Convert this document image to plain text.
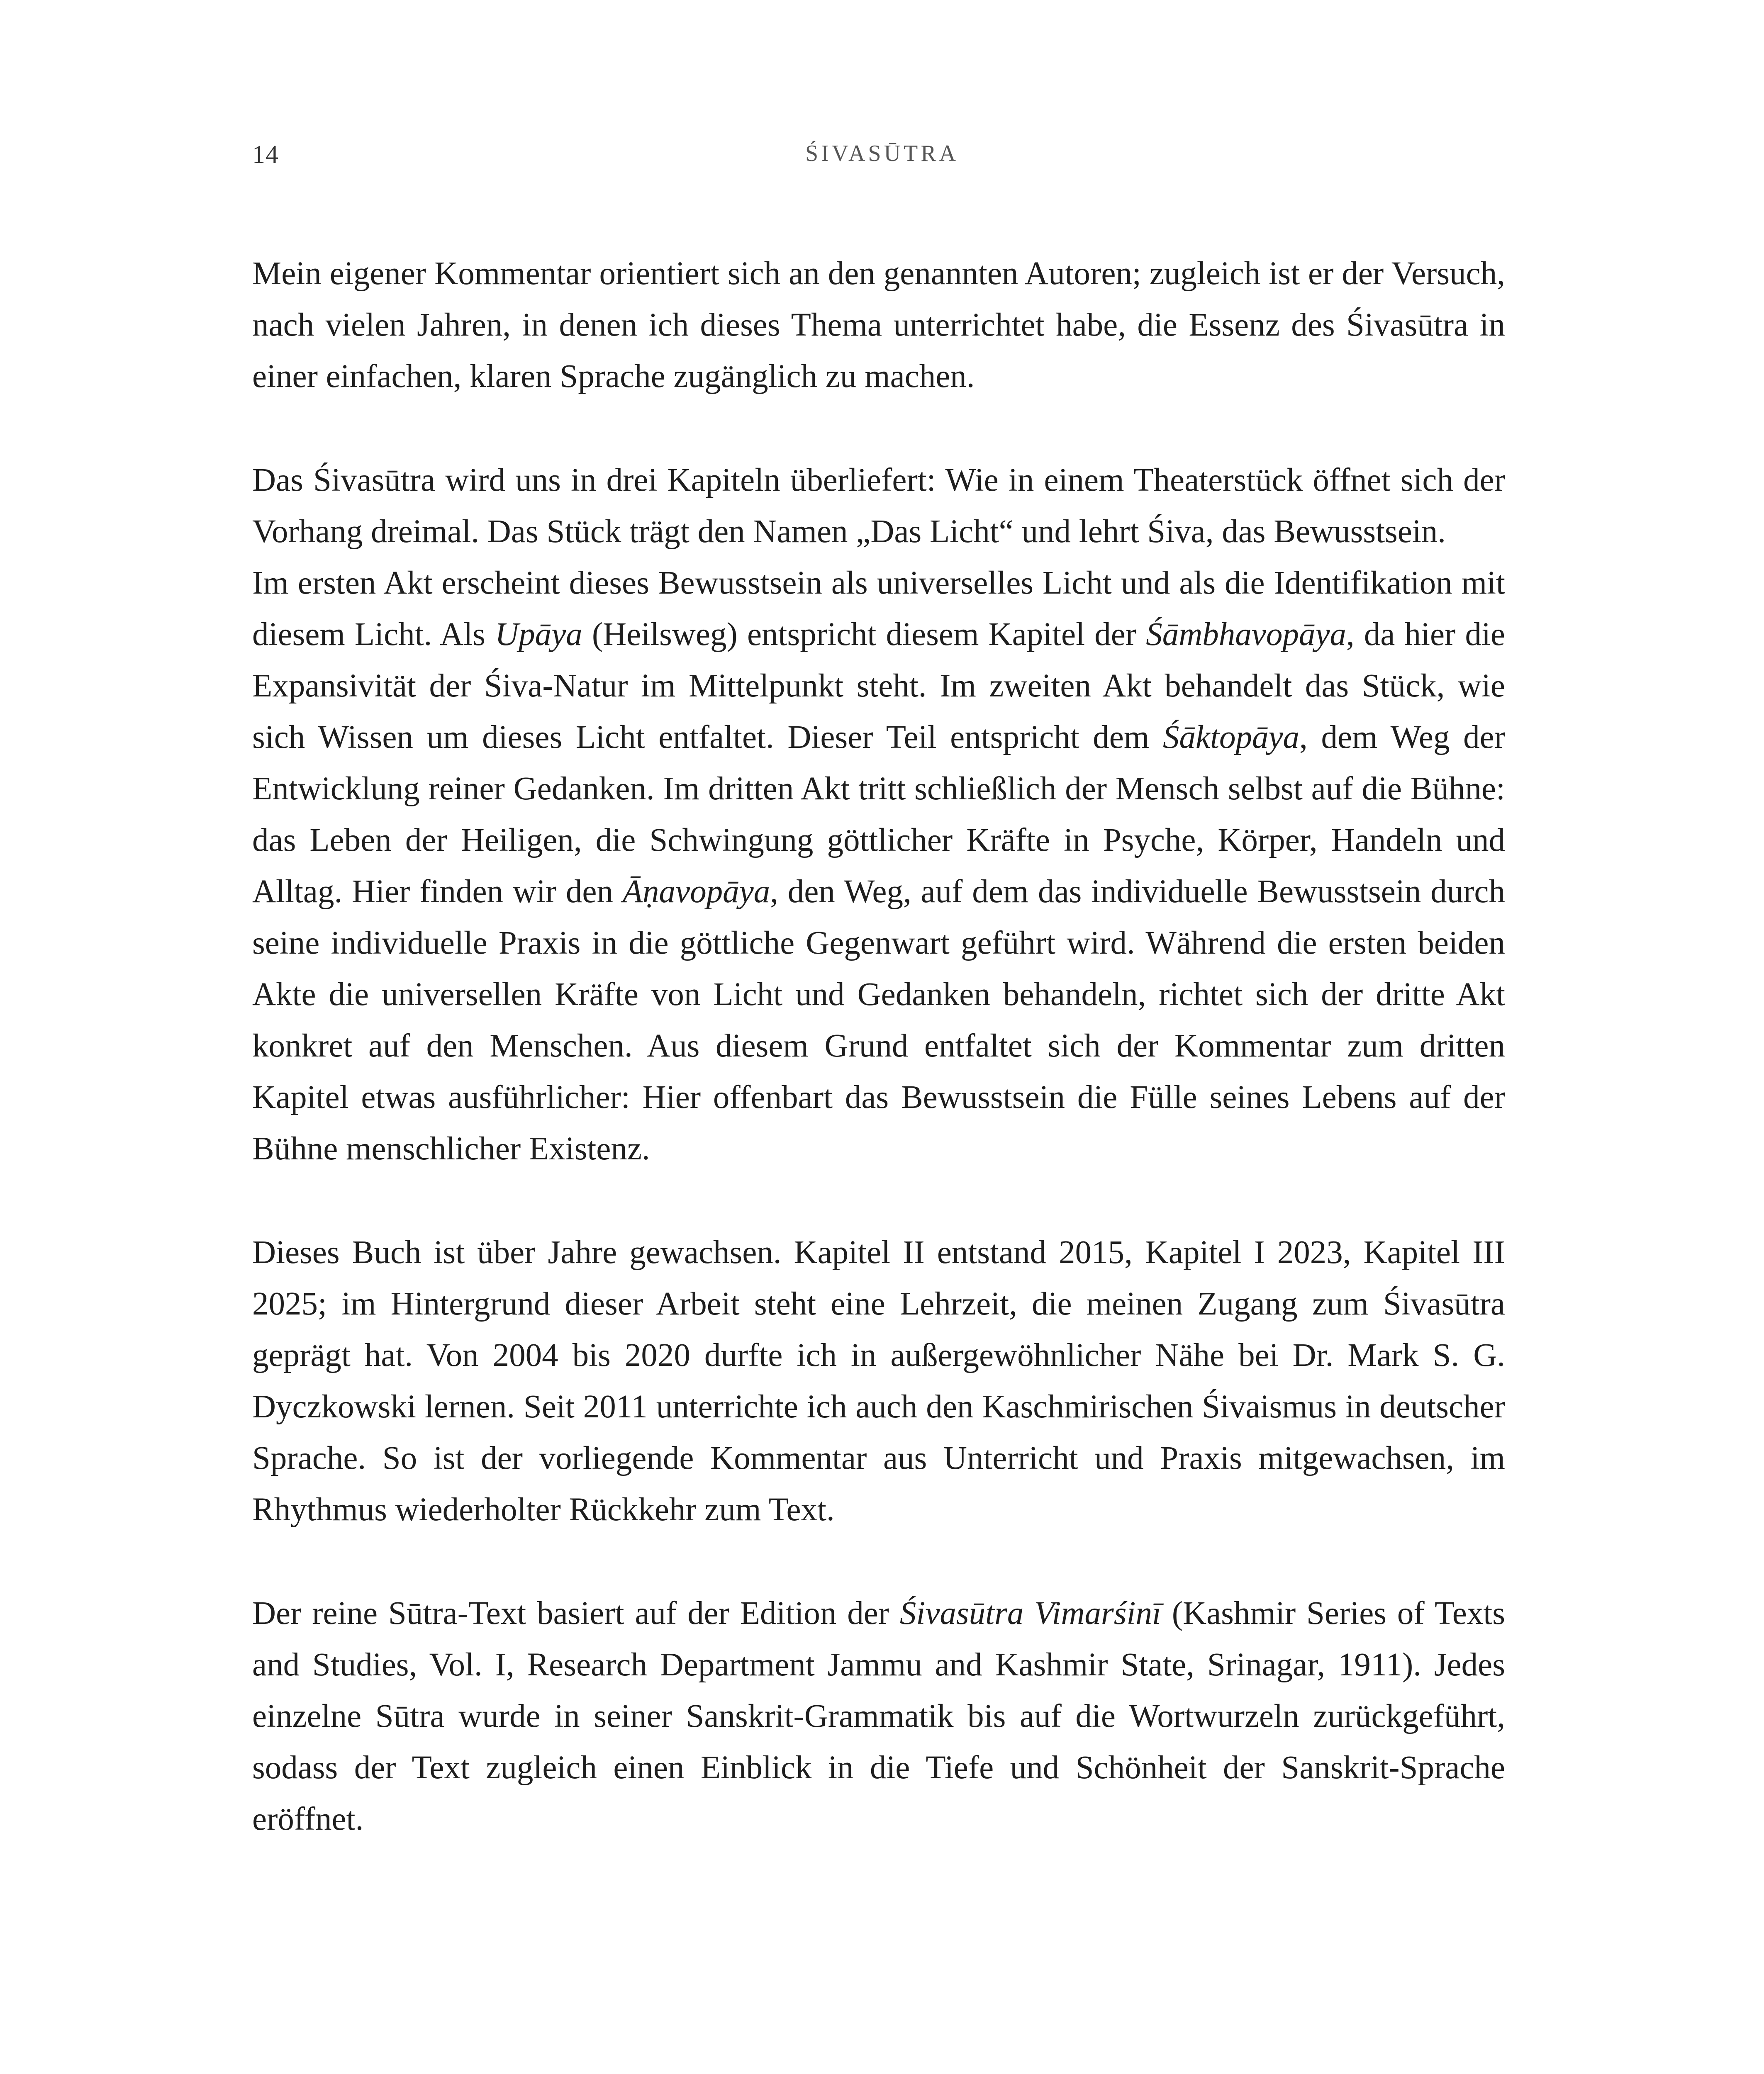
14	ŚIVASŪTRA

Mein eigener Kommentar orientiert sich an den genannten Autoren; zugleich ist er der Versuch, nach vielen Jahren, in denen ich dieses Thema unterrichtet habe, die Essenz des Śivasūtra in einer einfachen, klaren Sprache zugänglich zu machen.

Das Śivasūtra wird uns in drei Kapiteln überliefert: Wie in einem Theaterstück öffnet sich der Vorhang dreimal. Das Stück trägt den Namen „Das Licht“ und lehrt Śiva, das Bewusstsein.

Im ersten Akt erscheint dieses Bewusstsein als universelles Licht und als die Identifikation mit diesem Licht. Als Upāya (Heilsweg) entspricht diesem Kapitel der Śāmbhavopāya, da hier die Expansivität der Śiva-Natur im Mittelpunkt steht. Im zweiten Akt behandelt das Stück, wie sich Wissen um dieses Licht entfaltet. Dieser Teil entspricht dem Śāktopāya, dem Weg der Entwicklung reiner Gedanken. Im dritten Akt tritt schließlich der Mensch selbst auf die Bühne: das Leben der Heiligen, die Schwingung göttlicher Kräfte in Psyche, Körper, Handeln und Alltag. Hier finden wir den Āṇavopāya, den Weg, auf dem das individuelle Bewusstsein durch seine individuelle Praxis in die göttliche Gegenwart geführt wird. Während die ersten beiden Akte die universellen Kräfte von Licht und Gedanken behandeln, richtet sich der dritte Akt konkret auf den Menschen. Aus diesem Grund entfaltet sich der Kommentar zum dritten Kapitel etwas ausführlicher: Hier offenbart das Bewusstsein die Fülle seines Lebens auf der Bühne menschlicher Existenz.

Dieses Buch ist über Jahre gewachsen. Kapitel II entstand 2015, Kapitel I 2023, Kapitel III 2025; im Hintergrund dieser Arbeit steht eine Lehrzeit, die meinen Zugang zum Śivasūtra geprägt hat. Von 2004 bis 2020 durfte ich in außergewöhnlicher Nähe bei Dr. Mark S. G. Dyczkowski lernen. Seit 2011 unterrichte ich auch den Kaschmirischen Śivaismus in deutscher Sprache. So ist der vorliegende Kommentar aus Unterricht und Praxis mitgewachsen, im Rhythmus wiederholter Rückkehr zum Text.

Der reine Sūtra-Text basiert auf der Edition der Śivasūtra Vimarśinī (Kashmir Series of Texts and Studies, Vol. I, Research Department Jammu and Kashmir State, Srinagar, 1911). Jedes einzelne Sūtra wurde in seiner Sanskrit-Grammatik bis auf die Wortwurzeln zurückgeführt, sodass der Text zugleich einen Einblick in die Tiefe und Schönheit der Sanskrit-Sprache eröffnet.
